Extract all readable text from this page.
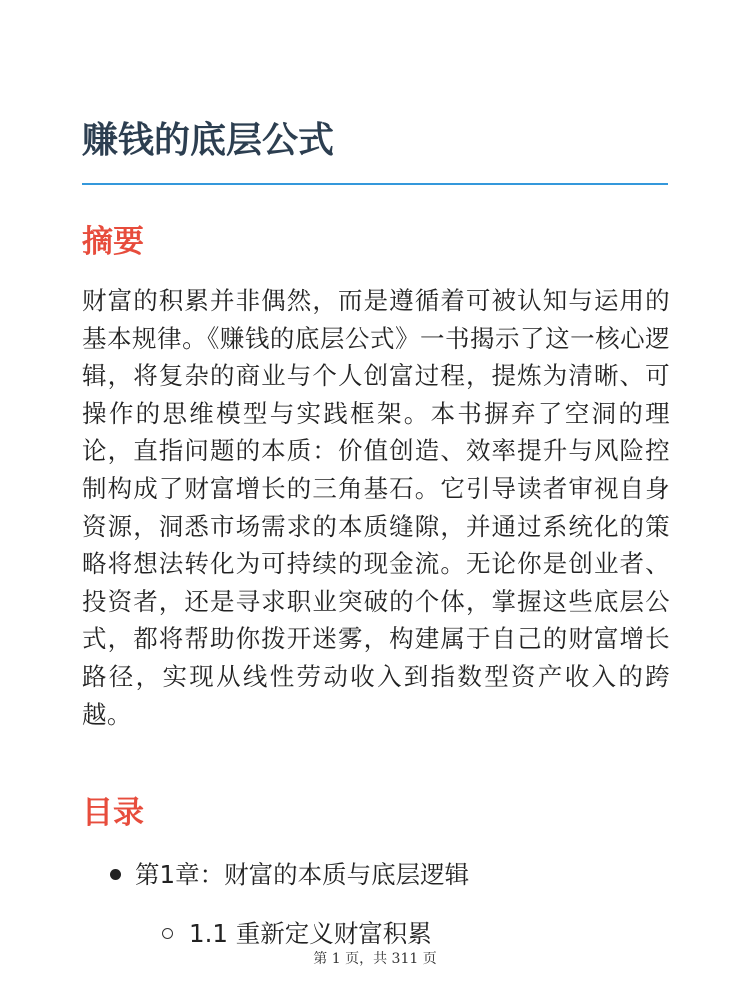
赚钱的底层公式
摘要

财富的积累并非偶然，而是遵循着可被认知与运用的基本规律。《赚钱的底层公式》一书揭示了这一核心逻辑，将复杂的商业与个人创富过程，提炼为清晰、可操作的思维模型与实践框架。本书摒弃了空洞的理论，直指问题的本质：价值创造、效率提升与风险控制构成了财富增长的三角基石。它引导读者审视自身资源，洞悉市场需求的本质缝隙，并通过系统化的策略将想法转化为可持续的现金流。无论你是创业者、投资者，还是寻求职业突破的个体，掌握这些底层公式，都将帮助你拨开迷雾，构建属于自己的财富增长路径，实现从线性劳动收入到指数型资产收入的跨越。

目录
第1章：财富的本质与底层逻辑
1.1 重新定义财富积累
第 1 页，共 311 页
